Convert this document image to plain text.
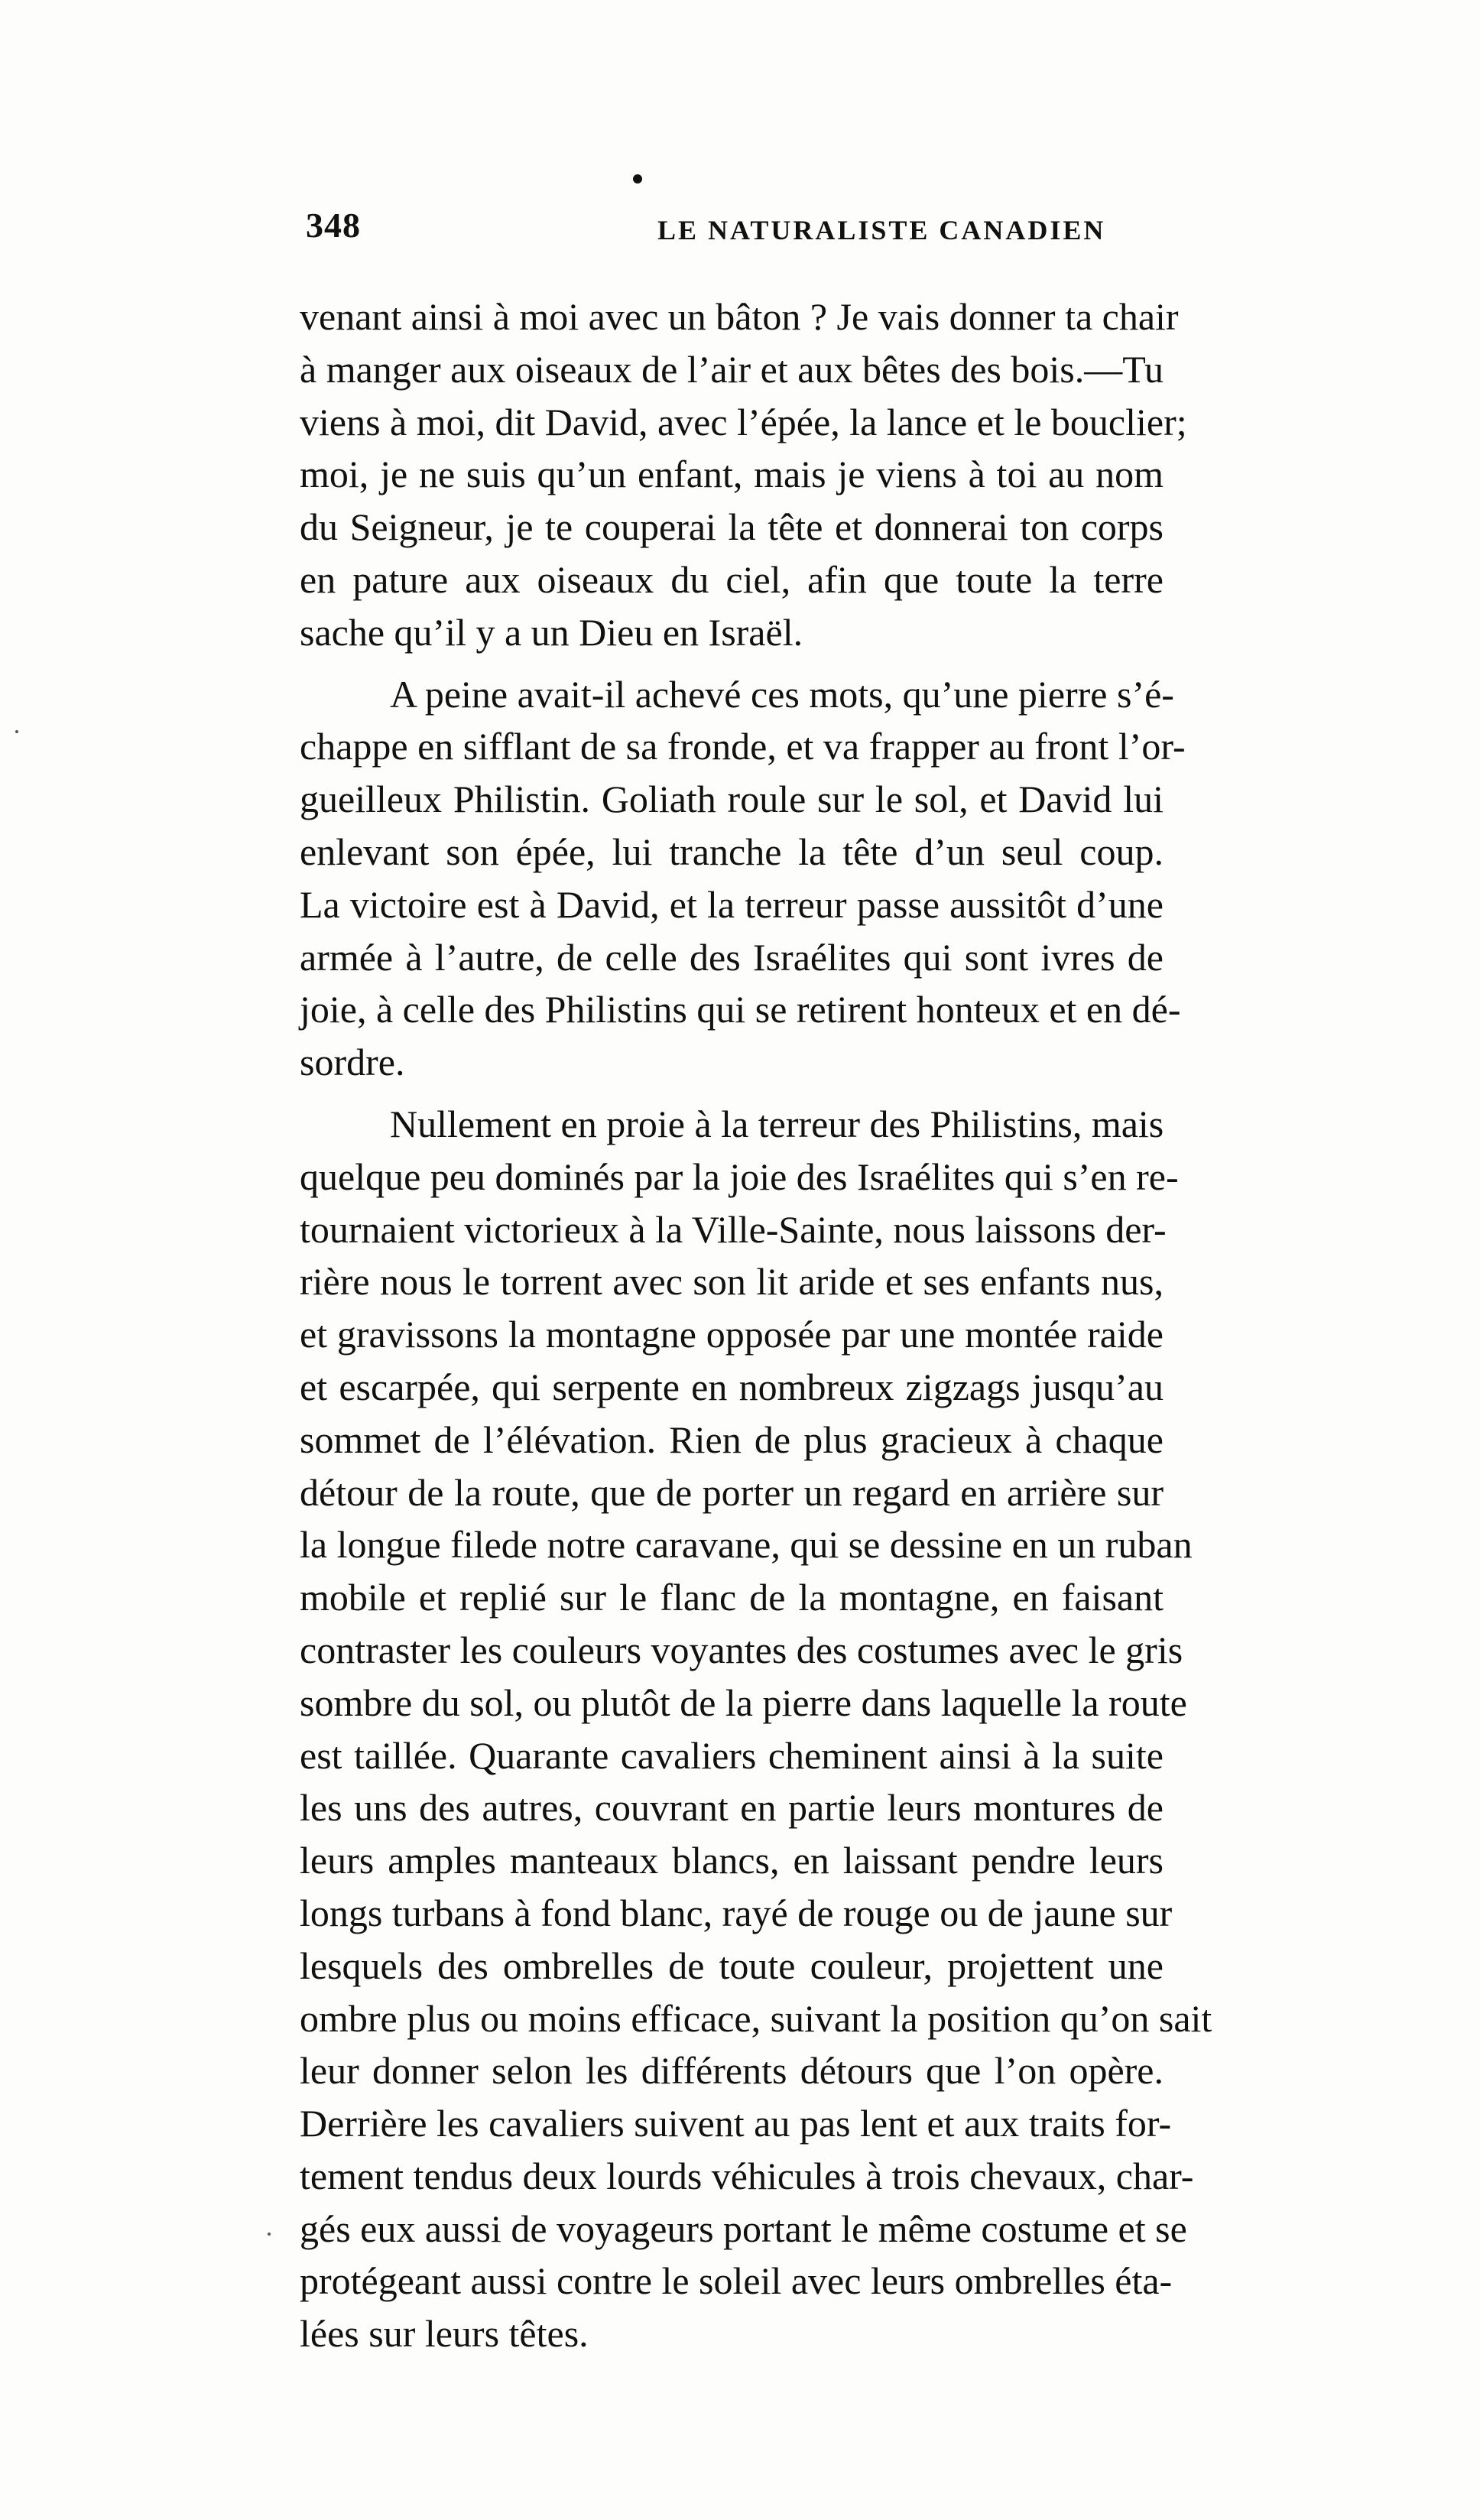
348	LE NATURALISTE CANADIEN
venant ainsi à moi avec un bâton ? Je vais donner ta chair
à manger aux oiseaux de l’air et aux bêtes des bois.—Tu
viens à moi, dit David, avec l’épée, la lance et le bouclier;
moi, je ne suis qu’un enfant, mais je viens à toi au nom
du Seigneur, je te couperai la tête et donnerai ton corps
en pature aux oiseaux du ciel, afin que toute la terre
sache qu’il y a un Dieu en Israël.
A peine avait-il achevé ces mots, qu’une pierre s’é-
chappe en sifflant de sa fronde, et va frapper au front l’or-
gueilleux Philistin. Goliath roule sur le sol, et David lui
enlevant son épée, lui tranche la tête d’un seul coup.
La victoire est à David, et la terreur passe aussitôt d’une
armée à l’autre, de celle des Israélites qui sont ivres de
joie, à celle des Philistins qui se retirent honteux et en dé-
sordre.
Nullement en proie à la terreur des Philistins, mais
quelque peu dominés par la joie des Israélites qui s’en re-
tournaient victorieux à la Ville-Sainte, nous laissons der-
rière nous le torrent avec son lit aride et ses enfants nus,
et gravissons la montagne opposée par une montée raide
et escarpée, qui serpente en nombreux zigzags jusqu’au
sommet de l’élévation. Rien de plus gracieux à chaque
détour de la route, que de porter un regard en arrière sur
la longue filede notre caravane, qui se dessine en un ruban
mobile et replié sur le flanc de la montagne, en faisant
contraster les couleurs voyantes des costumes avec le gris
sombre du sol, ou plutôt de la pierre dans laquelle la route
est taillée. Quarante cavaliers cheminent ainsi à la suite
les uns des autres, couvrant en partie leurs montures de
leurs amples manteaux blancs, en laissant pendre leurs
longs turbans à fond blanc, rayé de rouge ou de jaune sur
lesquels des ombrelles de toute couleur, projettent une
ombre plus ou moins efficace, suivant la position qu’on sait
leur donner selon les différents détours que l’on opère.
Derrière les cavaliers suivent au pas lent et aux traits for-
tement tendus deux lourds véhicules à trois chevaux, char-
gés eux aussi de voyageurs portant le même costume et se
protégeant aussi contre le soleil avec leurs ombrelles éta-
lées sur leurs têtes.
